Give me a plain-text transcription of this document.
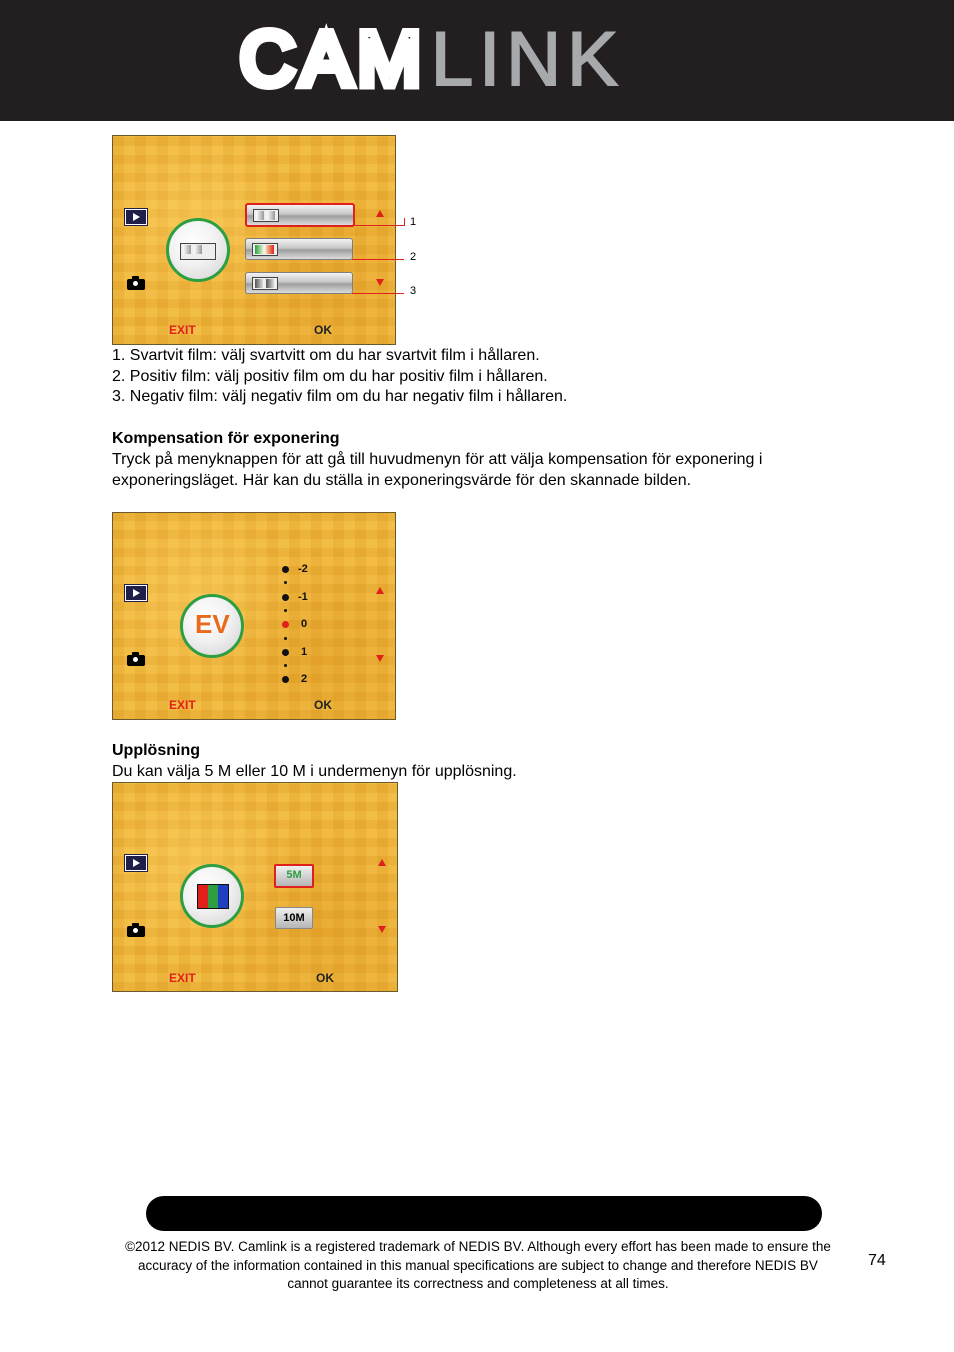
CAM LINK
EXIT	OK
1
2
3
1. Svartvit film: välj svartvitt om du har svartvit film i hållaren.
2. Positiv film: välj positiv film om du har positiv film i hållaren.
3. Negativ film: välj negativ film om du har negativ film i hållaren.
Kompensation för exponering
Tryck på menyknappen för att gå till huvudmenyn för att välja kompensation för exponering i exponeringsläget. Här kan du ställa in exponeringsvärde för den skannade bilden.
EV
-2
-1
0
1
2
EXIT	OK
Upplösning
Du kan välja 5 M eller 10 M i undermenyn för upplösning.
5M
10M
EXIT	OK
©2012 NEDIS BV. Camlink is a registered trademark of NEDIS BV. Although every effort has been made to ensure the accuracy of the information contained in this manual specifications are subject to change and therefore NEDIS BV cannot guarantee its correctness and completeness at all times.
74
